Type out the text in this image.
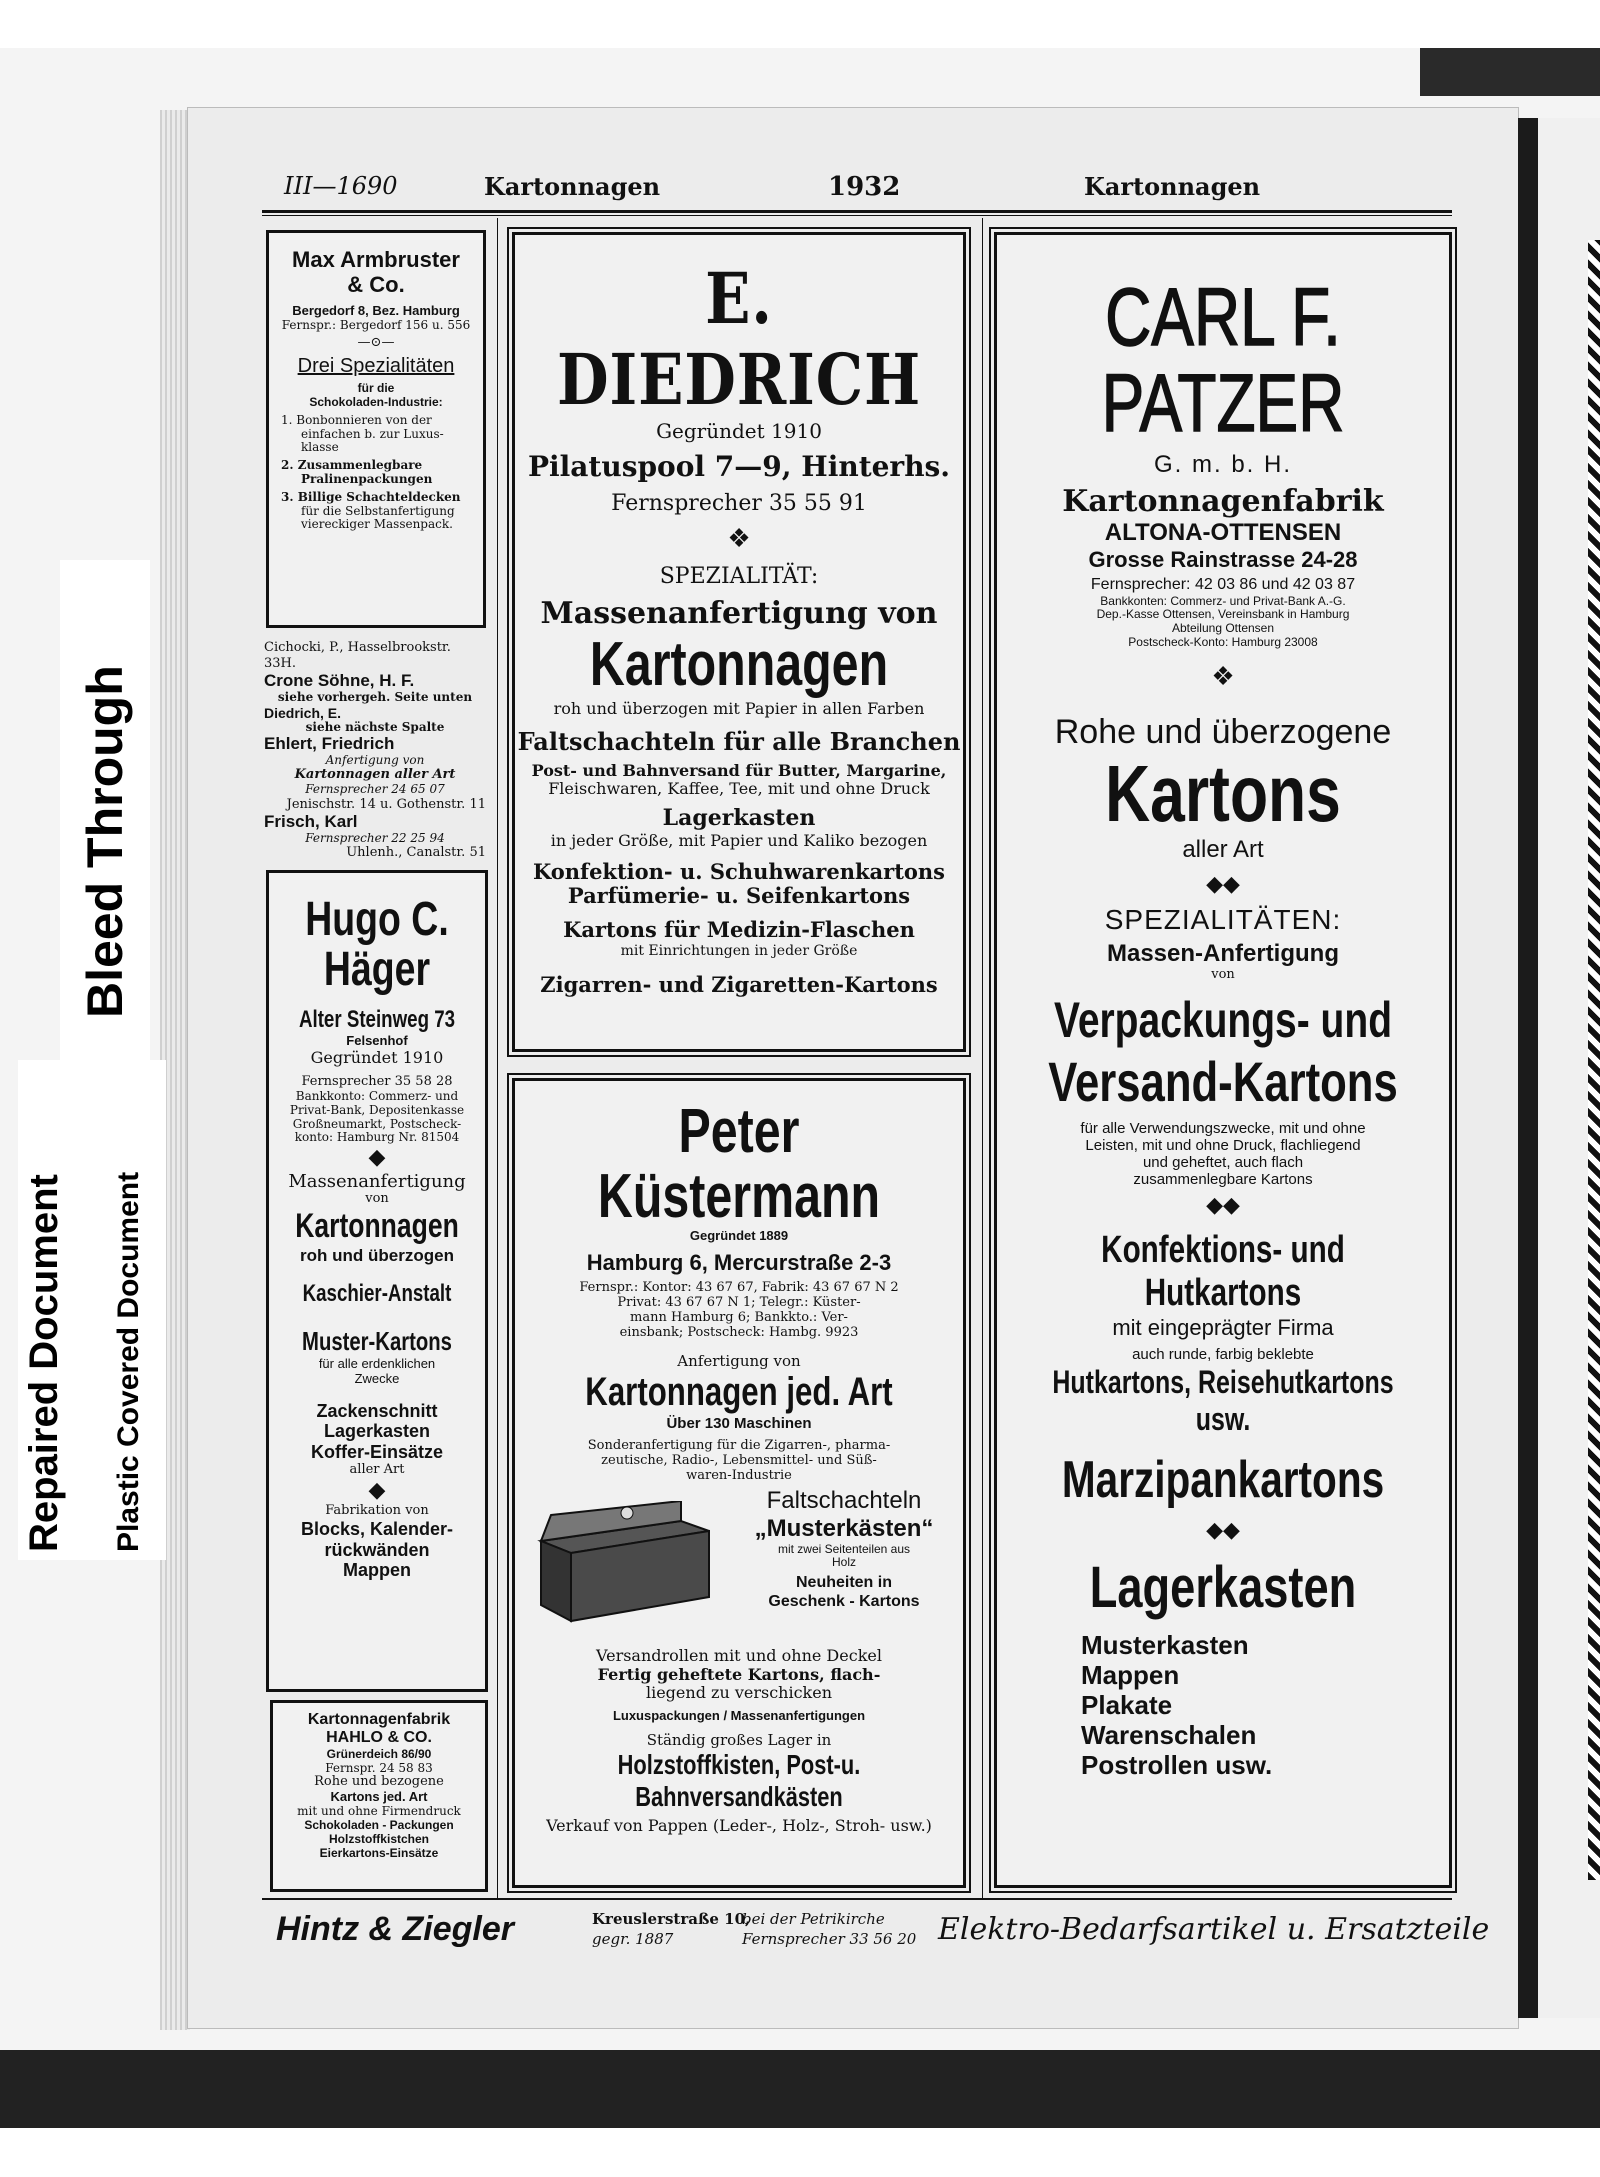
Bleed Through
Repaired Document Plastic Covered Document
III—1690	Kartonnagen	1932	Kartonnagen
Max Armbruster
& Co.
Bergedorf 8, Bez. Hamburg
Fernspr.: Bergedorf 156 u. 556
—⊙—
Drei Spezialitäten
für die
Schokoladen-Industrie:
1. Bonbonnieren von der
einfachen b. zur Luxus-
klasse
2. Zusammenlegbare
Pralinenpackungen
3. Billige Schachteldecken
für die Selbstanfertigung
viereckiger Massenpack.
Cichocki, P., Hasselbrookstr. 33H.
Crone Söhne, H. F.
siehe vorhergeh. Seite unten
Diedrich, E.
siehe nächste Spalte
Ehlert, Friedrich
Anfertigung von
Kartonnagen aller Art
Fernsprecher 24 65 07
Jenischstr. 14 u. Gothenstr. 11
Frisch, Karl
Fernsprecher 22 25 94
Uhlenh., Canalstr. 51
Hugo C. Häger
Alter Steinweg 73
Felsenhof
Gegründet 1910
Fernsprecher 35 58 28
Bankkonto: Commerz- und
Privat-Bank, Depositenkasse
Großneumarkt, Postscheck-
konto: Hamburg Nr. 81504
◆
Massenanfertigung
von
Kartonnagen
roh und überzogen
Kaschier-Anstalt
Muster-Kartons
für alle erdenklichen
Zwecke
Zackenschnitt
Lagerkasten
Koffer-Einsätze
aller Art
◆
Fabrikation von
Blocks, Kalender-
rückwänden
Mappen
Kartonnagenfabrik
HAHLO & CO.
Grünerdeich 86/90
Fernspr. 24 58 83
Rohe und bezogene
Kartons jed. Art
mit und ohne Firmendruck
Schokoladen - Packungen
Holzstoffkistchen
Eierkartons-Einsätze
E. DIEDRICH
Gegründet 1910
Pilatuspool 7—9, Hinterhs.
Fernsprecher 35 55 91
❖
SPEZIALITÄT:
Massenanfertigung von
Kartonnagen
roh und überzogen mit Papier in allen Farben
Faltschachteln für alle Branchen
Post- und Bahnversand für Butter, Margarine,
Fleischwaren, Kaffee, Tee, mit und ohne Druck
Lagerkasten
in jeder Größe, mit Papier und Kaliko bezogen
Konfektion- u. Schuhwarenkartons
Parfümerie- u. Seifenkartons
Kartons für Medizin-Flaschen
mit Einrichtungen in jeder Größe
Zigarren- und Zigaretten-Kartons
Peter Küstermann
Gegründet 1889
Hamburg 6, Mercurstraße 2-3
Fernspr.: Kontor: 43 67 67, Fabrik: 43 67 67 N 2
Privat: 43 67 67 N 1; Telegr.: Küster-
mann Hamburg 6; Bankkto.: Ver-
einsbank; Postscheck: Hambg. 9923
Anfertigung von
Kartonnagen jed. Art
Über 130 Maschinen
Sonderanfertigung für die Zigarren-, pharma-
zeutische, Radio-, Lebensmittel- und Süß-
waren-Industrie
Faltschachteln
„Musterkästen“
mit zwei Seitenteilen aus
Holz
Neuheiten in
Geschenk - Kartons
Versandrollen mit und ohne Deckel
Fertig geheftete Kartons, flach-
liegend zu verschicken
Luxuspackungen / Massenanfertigungen
Ständig großes Lager in
Holzstoffkisten, Post-u. Bahnversandkästen
Verkauf von Pappen (Leder-, Holz-, Stroh- usw.)
CARL F. PATZER
G. m. b. H.
Kartonnagenfabrik
ALTONA-OTTENSEN
Grosse Rainstrasse 24-28
Fernsprecher: 42 03 86 und 42 03 87
Bankkonten: Commerz- und Privat-Bank A.-G.
Dep.-Kasse Ottensen, Vereinsbank in Hamburg
Abteilung Ottensen
Postscheck-Konto: Hamburg 23008
❖
Rohe und überzogene
Kartons
aller Art
◆◆
SPEZIALITÄTEN:
Massen-Anfertigung
von
Verpackungs- und
Versand-Kartons
für alle Verwendungszwecke, mit und ohne
Leisten, mit und ohne Druck, flachliegend
und geheftet, auch flach
zusammenlegbare Kartons
◆◆
Konfektions- und Hutkartons
mit eingeprägter Firma
auch runde, farbig beklebte
Hutkartons, Reisehutkartons usw.
Marzipankartons
◆◆
Lagerkasten
Musterkasten
Mappen
Plakate
Warenschalen
Postrollen usw.
Hintz & Ziegler	Kreuslerstraße 10,
bei der Petrikirche
gegr. 1887	Fernsprecher 33 56 20 Elektro-Bedarfsartikel u. Ersatzteile
